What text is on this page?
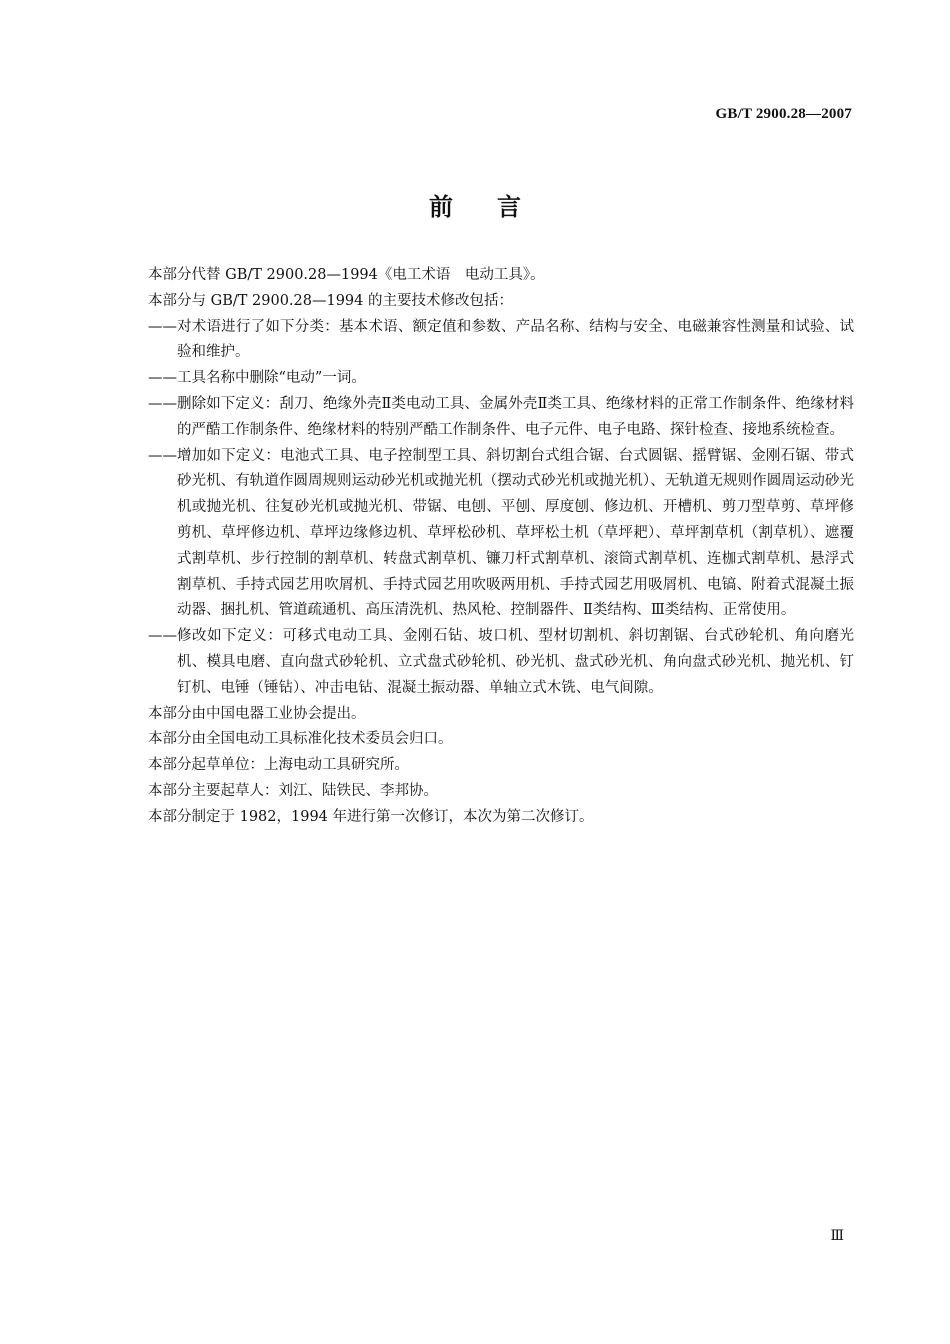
GB/T 2900.28—2007
前言

本部分代替 GB/T 2900.28—1994《电工术语　电动工具》。

本部分与 GB/T 2900.28—1994 的主要技术修改包括：

—— 对术语进行了如下分类：基本术语、额定值和参数、产品名称、结构与安全、电磁兼容性测量和试验、试验和维护。
—— 工具名称中删除“电动”一词。
—— 删除如下定义：刮刀、绝缘外壳Ⅱ类电动工具、金属外壳Ⅱ类工具、绝缘材料的正常工作制条件、绝缘材料的严酷工作制条件、绝缘材料的特别严酷工作制条件、电子元件、电子电路、探针检查、接地系统检查。
—— 增加如下定义：电池式工具、电子控制型工具、斜切割台式组合锯、台式圆锯、摇臂锯、金刚石锯、带式砂光机、有轨道作圆周规则运动砂光机或抛光机（摆动式砂光机或抛光机）、无轨道无规则作圆周运动砂光机或抛光机、往复砂光机或抛光机、带锯、电刨、平刨、厚度刨、修边机、开槽机、剪刀型草剪、草坪修剪机、草坪修边机、草坪边缘修边机、草坪松砂机、草坪松土机（草坪耙）、草坪割草机（割草机）、遮覆式割草机、步行控制的割草机、转盘式割草机、镰刀杆式割草机、滚筒式割草机、连枷式割草机、悬浮式割草机、手持式园艺用吹屑机、手持式园艺用吹吸两用机、手持式园艺用吸屑机、电镐、附着式混凝土振动器、捆扎机、管道疏通机、高压清洗机、热风枪、控制器件、Ⅱ类结构、Ⅲ类结构、正常使用。
—— 修改如下定义：可移式电动工具、金刚石钻、坡口机、型材切割机、斜切割锯、台式砂轮机、角向磨光机、模具电磨、直向盘式砂轮机、立式盘式砂轮机、砂光机、盘式砂光机、角向盘式砂光机、抛光机、钉钉机、电锤（锤钻）、冲击电钻、混凝土振动器、单轴立式木铣、电气间隙。

本部分由中国电器工业协会提出。

本部分由全国电动工具标准化技术委员会归口。

本部分起草单位：上海电动工具研究所。

本部分主要起草人：刘江、陆铁民、李邦协。

本部分制定于 1982，1994 年进行第一次修订，本次为第二次修订。

Ⅲ
